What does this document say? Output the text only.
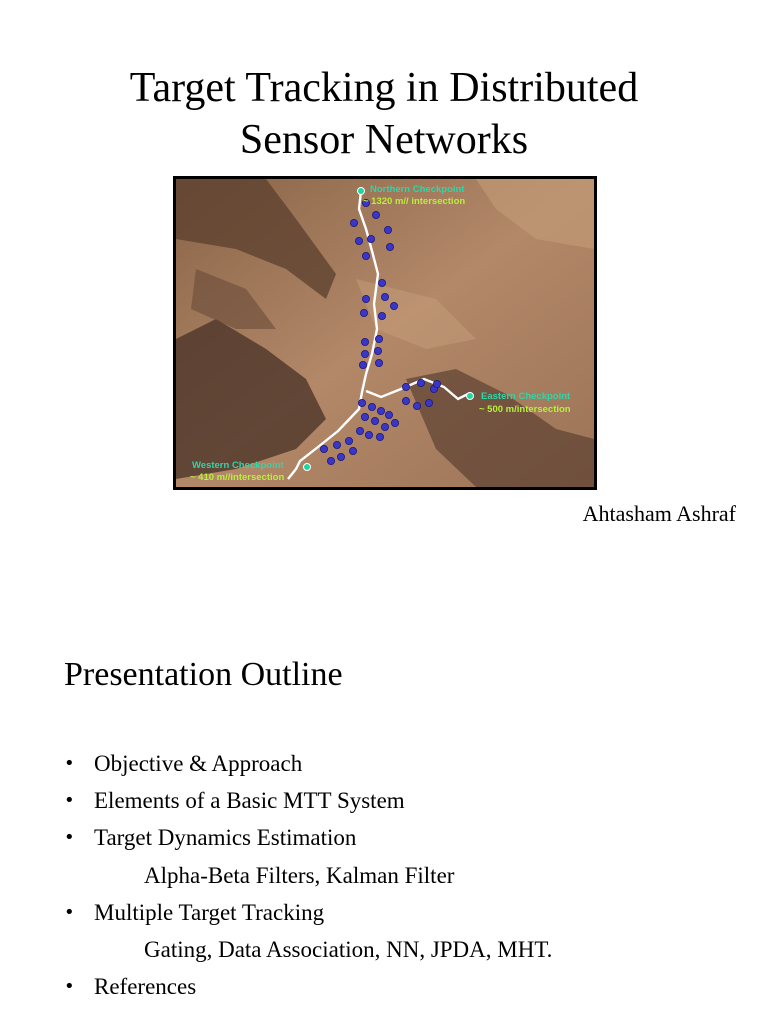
Target Tracking in Distributed
Sensor Networks
Northern Checkpoint
~ 1320 m// intersection
Eastern Checkpoint
~ 500 m/intersection
Western Checkpoint
~ 410 m//intersection
Ahtasham Ashraf
Presentation Outline
• Objective & Approach
• Elements of a Basic MTT System
• Target Dynamics Estimation
Alpha-Beta Filters, Kalman Filter
• Multiple Target Tracking
Gating, Data Association, NN, JPDA, MHT.
• References
